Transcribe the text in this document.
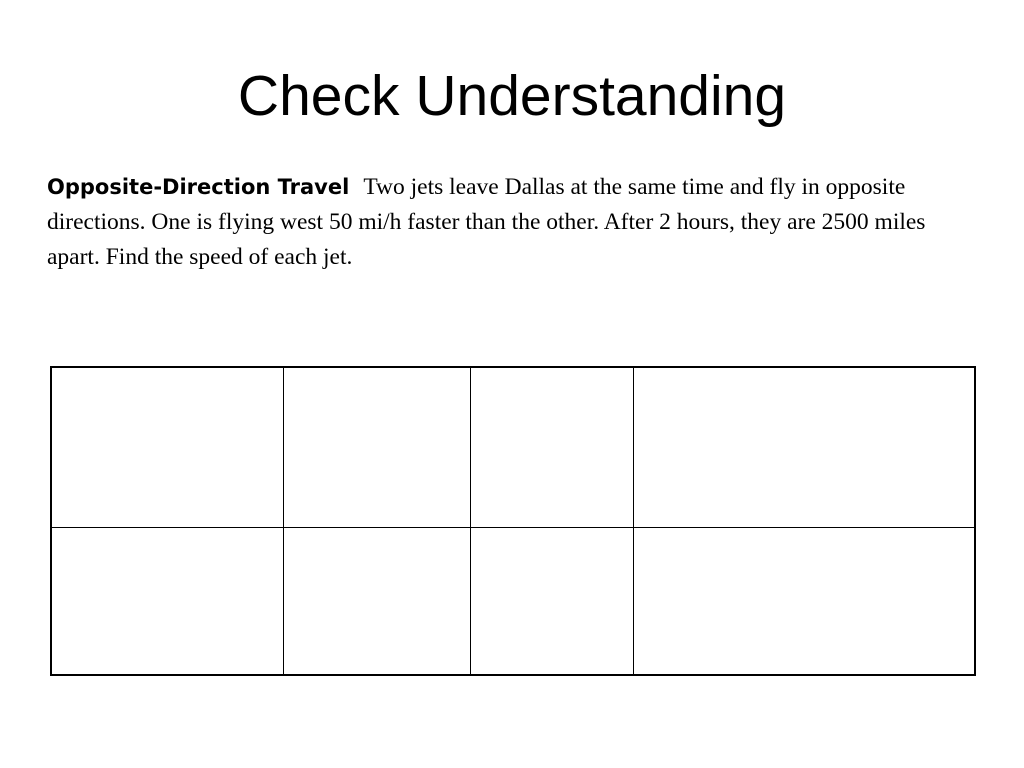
Check Understanding

Opposite-Direction Travel Two jets leave Dallas at the same time and fly in opposite directions. One is flying west 50 mi/h faster than the other. After 2 hours, they are 2500 miles apart. Find the speed of each jet.
